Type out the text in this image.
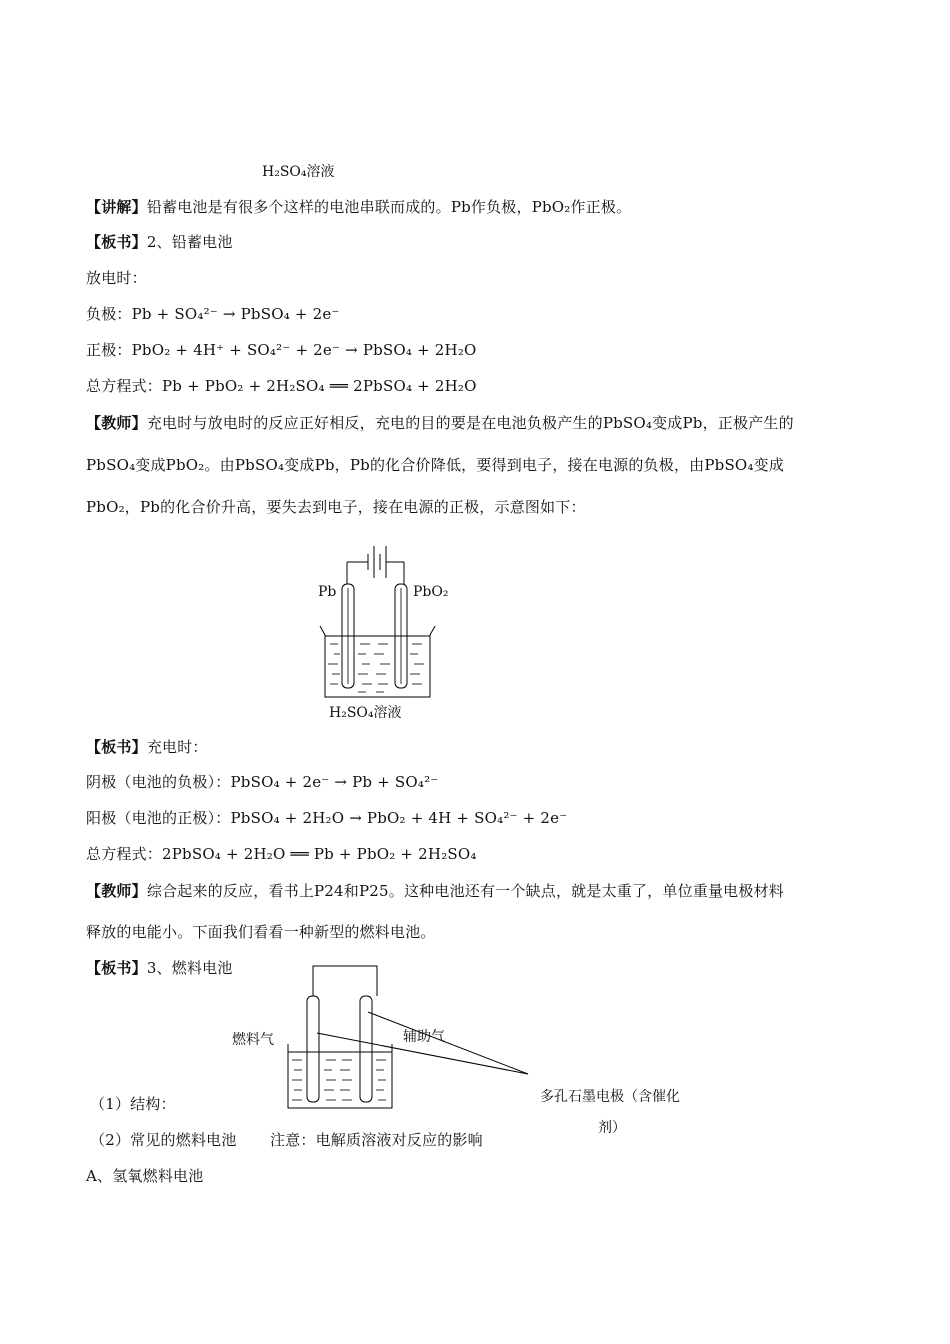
H₂SO₄溶液
【讲解】铅蓄电池是有很多个这样的电池串联而成的。Pb作负极，PbO₂作正极。
【板书】2、铅蓄电池
放电时：
负极：Pb + SO₄²⁻ → PbSO₄ + 2e⁻
正极：PbO₂ + 4H⁺ + SO₄²⁻ + 2e⁻ → PbSO₄ + 2H₂O
总方程式：Pb + PbO₂ + 2H₂SO₄ ══ 2PbSO₄ + 2H₂O
【教师】充电时与放电时的反应正好相反，充电的目的要是在电池负极产生的PbSO₄变成Pb，正极产生的
PbSO₄变成PbO₂。由PbSO₄变成Pb，Pb的化合价降低，要得到电子，接在电源的负极，由PbSO₄变成
PbO₂，Pb的化合价升高，要失去到电子，接在电源的正极，示意图如下：
Pb	PbO₂
H₂SO₄溶液
【板书】充电时：
阴极（电池的负极）：PbSO₄ + 2e⁻ → Pb + SO₄²⁻
阳极（电池的正极）：PbSO₄ + 2H₂O → PbO₂ + 4H + SO₄²⁻ + 2e⁻
总方程式：2PbSO₄ + 2H₂O ══ Pb + PbO₂ + 2H₂SO₄
【教师】综合起来的反应，看书上P24和P25。这种电池还有一个缺点，就是太重了，单位重量电极材料
释放的电能小。下面我们看看一种新型的燃料电池。
【板书】3、燃料电池
燃料气	辅助气
多孔石墨电极（含催化
剂）
（1）结构：
（2）常见的燃料电池 注意：电解质溶液对反应的影响
A、氢氧燃料电池
